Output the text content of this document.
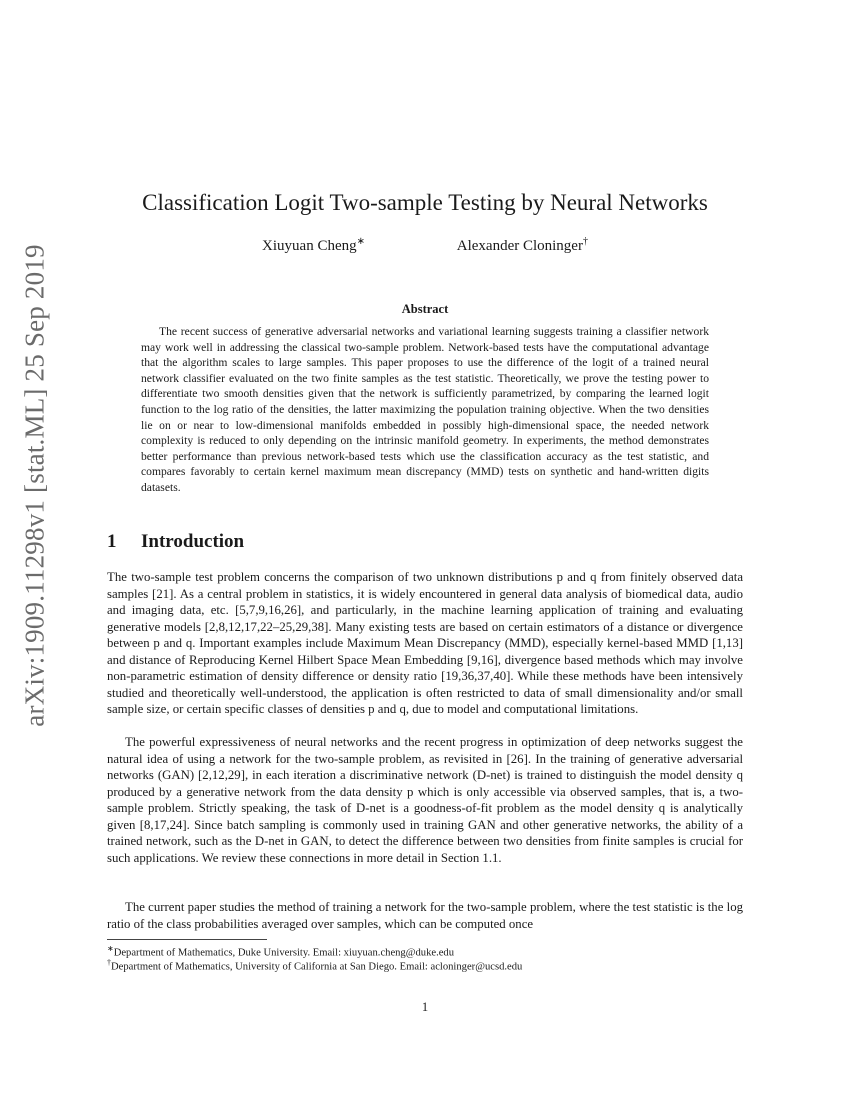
arXiv:1909.11298v1 [stat.ML] 25 Sep 2019
Classification Logit Two-sample Testing by Neural Networks
Xiuyuan Cheng∗	Alexander Cloninger†
Abstract

The recent success of generative adversarial networks and variational learning suggests training a classifier network may work well in addressing the classical two-sample problem. Network-based tests have the computational advantage that the algorithm scales to large samples. This paper proposes to use the difference of the logit of a trained neural network classifier evaluated on the two finite samples as the test statistic. Theoretically, we prove the testing power to differentiate two smooth densities given that the network is sufficiently parametrized, by comparing the learned logit function to the log ratio of the densities, the latter maximizing the population training objective. When the two densities lie on or near to low-dimensional manifolds embedded in possibly high-dimensional space, the needed network complexity is reduced to only depending on the intrinsic manifold geometry. In experiments, the method demonstrates better performance than previous network-based tests which use the classification accuracy as the test statistic, and compares favorably to certain kernel maximum mean discrepancy (MMD) tests on synthetic and hand-written digits datasets.

1 Introduction

The two-sample test problem concerns the comparison of two unknown distributions p and q from finitely observed data samples [21]. As a central problem in statistics, it is widely encountered in general data analysis of biomedical data, audio and imaging data, etc. [5,7,9,16,26], and particularly, in the machine learning application of training and evaluating generative models [2,8,12,17,22–25,29,38]. Many existing tests are based on certain estimators of a distance or divergence between p and q. Important examples include Maximum Mean Discrepancy (MMD), especially kernel-based MMD [1,13] and distance of Reproducing Kernel Hilbert Space Mean Embedding [9,16], divergence based methods which may involve non-parametric estimation of density difference or density ratio [19,36,37,40]. While these methods have been intensively studied and theoretically well-understood, the application is often restricted to data of small dimensionality and/or small sample size, or certain specific classes of densities p and q, due to model and computational limitations.

The powerful expressiveness of neural networks and the recent progress in optimization of deep networks suggest the natural idea of using a network for the two-sample problem, as revisited in [26]. In the training of generative adversarial networks (GAN) [2,12,29], in each iteration a discriminative network (D-net) is trained to distinguish the model density q produced by a generative network from the data density p which is only accessible via observed samples, that is, a two-sample problem. Strictly speaking, the task of D-net is a goodness-of-fit problem as the model density q is analytically given [8,17,24]. Since batch sampling is commonly used in training GAN and other generative networks, the ability of a trained network, such as the D-net in GAN, to detect the difference between two densities from finite samples is crucial for such applications. We review these connections in more detail in Section 1.1.

The current paper studies the method of training a network for the two-sample problem, where the test statistic is the log ratio of the class probabilities averaged over samples, which can be computed once

∗Department of Mathematics, Duke University. Email: xiuyuan.cheng@duke.edu

†Department of Mathematics, University of California at San Diego. Email: acloninger@ucsd.edu

1
